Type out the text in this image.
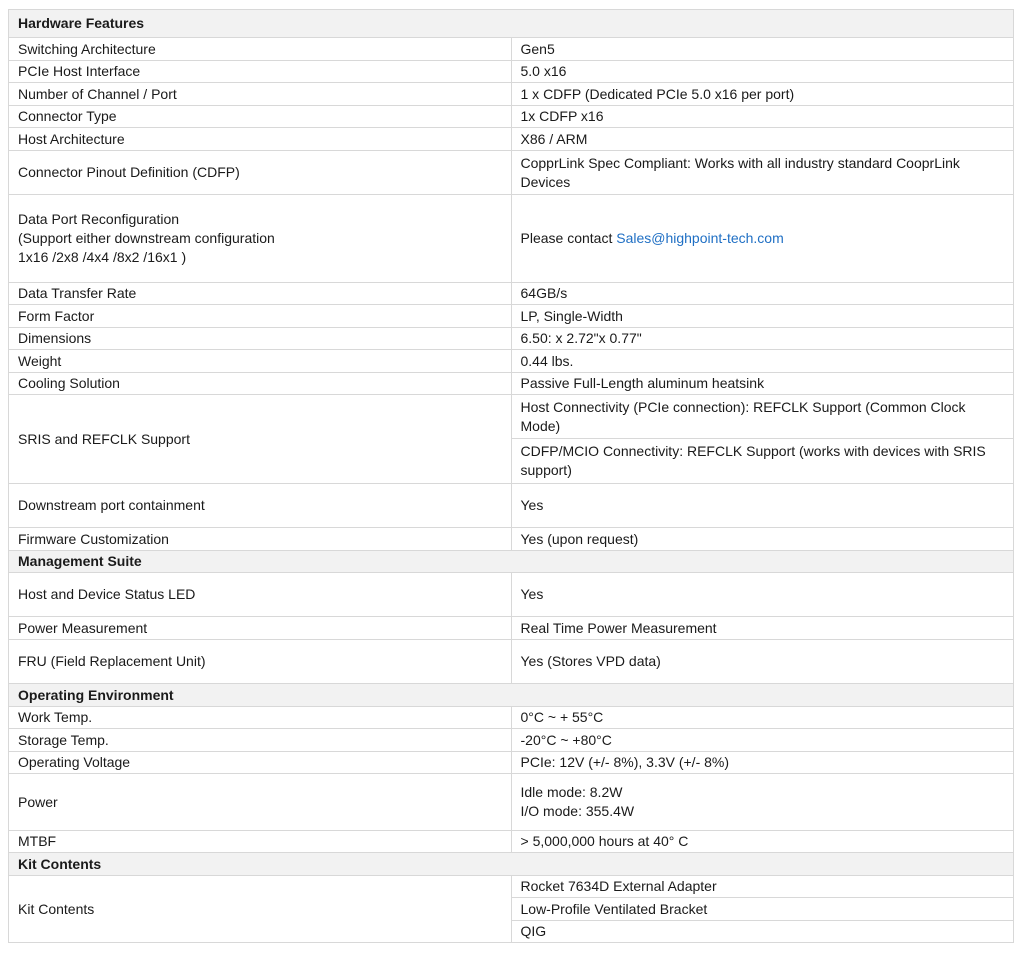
Hardware Features	
Switching Architecture	Gen5
PCIe Host Interface	5.0 x16
Number of Channel / Port	1 x CDFP (Dedicated PCIe 5.0 x16 per port)
Connector Type	1x CDFP x16
Host Architecture	X86 / ARM
Connector Pinout Definition (CDFP)	CopprLink Spec Compliant: Works with all industry standard CooprLink Devices

Data Port Reconfiguration
(Support either downstream configuration
1x16 /2x8 /4x4 /8x2 /16x1 )	Please contact Sales@highpoint-tech.com
Data Transfer Rate	64GB/s
Form Factor	LP, Single-Width
Dimensions	6.50: x 2.72"x 0.77"
Weight	0.44 lbs.
Cooling Solution	Passive Full-Length aluminum heatsink
SRIS and REFCLK Support	Host Connectivity (PCIe connection): REFCLK Support (Common Clock Mode)
	CDFP/MCIO Connectivity: REFCLK Support (works with devices with SRIS support)
Downstream port containment	Yes
Firmware Customization	Yes (upon request)
Management Suite	
Host and Device Status LED	Yes
Power Measurement	Real Time Power Measurement
FRU (Field Replacement Unit)	Yes (Stores VPD data)
Operating Environment	
Work Temp.	0°C ~ + 55°C
Storage Temp.	-20°C ~ +80°C
Operating Voltage	PCIe: 12V (+/- 8%), 3.3V (+/- 8%)
Power	Idle mode: 8.2W
I/O mode: 355.4W

MTBF	> 5,000,000 hours at 40° C
Kit Contents	
Kit Contents	Rocket 7634D External Adapter
	Low-Profile Ventilated Bracket
	QIG
